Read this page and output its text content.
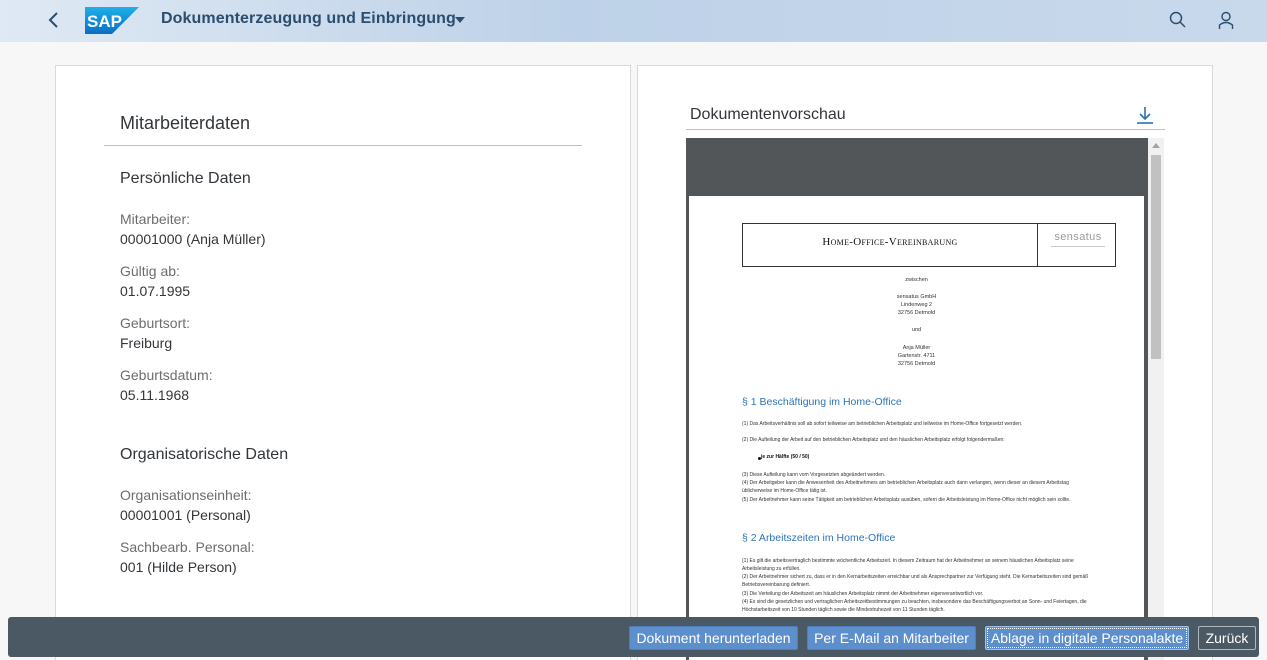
SAP Dokumenterzeugung und Einbringung
Mitarbeiterdaten
Persönliche Daten
Mitarbeiter:
00001000 (Anja Müller)
Gültig ab:
01.07.1995
Geburtsort:
Freiburg
Geburtsdatum:
05.11.1968
Organisatorische Daten
Organisationseinheit:
00001001 (Personal)
Sachbearb. Personal:
001 (Hilde Person)
Dokumentenvorschau
Home-Office-Vereinbarung	sensatus
zwischen
sensatus GmbH
Lindenweg 2
32756 Detmold
und
Anja Müller
Gartenstr. 4711
32756 Detmold
§ 1 Beschäftigung im Home-Office
(1) Das Arbeitsverhältnis soll ab sofort teilweise am betrieblichen Arbeitsplatz und teilweise im Home-Office fortgesetzt werden.
(2) Die Aufteilung der Arbeit auf den betrieblichen Arbeitsplatz und den häuslichen Arbeitsplatz erfolgt folgendermaßen:
je zur Hälfte (50 / 50)
(3) Diese Aufteilung kann vom Vorgesetzten abgeändert werden.
(4) Der Arbeitgeber kann die Anwesenheit des Arbeitnehmers am betrieblichen Arbeitsplatz auch dann verlangen, wenn dieser an diesem Arbeitstag üblicherweise im Home-Office tätig ist.
(5) Der Arbeitnehmer kann seine Tätigkeit am betrieblichen Arbeitsplatz ausüben, sofern die Arbeitsleistung im Home-Office nicht möglich sein sollte.
§ 2 Arbeitszeiten im Home-Office
(1) Es gilt die arbeitsvertraglich bestimmte wöchentliche Arbeitszeit. In diesem Zeitraum hat der Arbeitnehmer an seinem häuslichen Arbeitsplatz seine Arbeitsleistung zu erfüllen.
(2) Der Arbeitnehmer sichert zu, dass er in den Kernarbeitszeiten erreichbar und als Ansprechpartner zur Verfügung steht. Die Kernarbeitszeiten sind gemäß Betriebsvereinbarung definiert.
(3) Die Verteilung der Arbeitszeit am häuslichen Arbeitsplatz nimmt der Arbeitnehmer eigenverantwortlich vor.
(4) Es sind die gesetzlichen und vertraglichen Arbeitszeitbestimmungen zu beachten, insbesondere das Beschäftigungsverbot an Sonn- und Feiertagen, die Höchstarbeitszeit von 10 Stunden täglich sowie die Mindestruhezeit von 11 Stunden täglich.
Dokument herunterladen	Per E-Mail an Mitarbeiter	Ablage in digitale Personalakte	Zurück
